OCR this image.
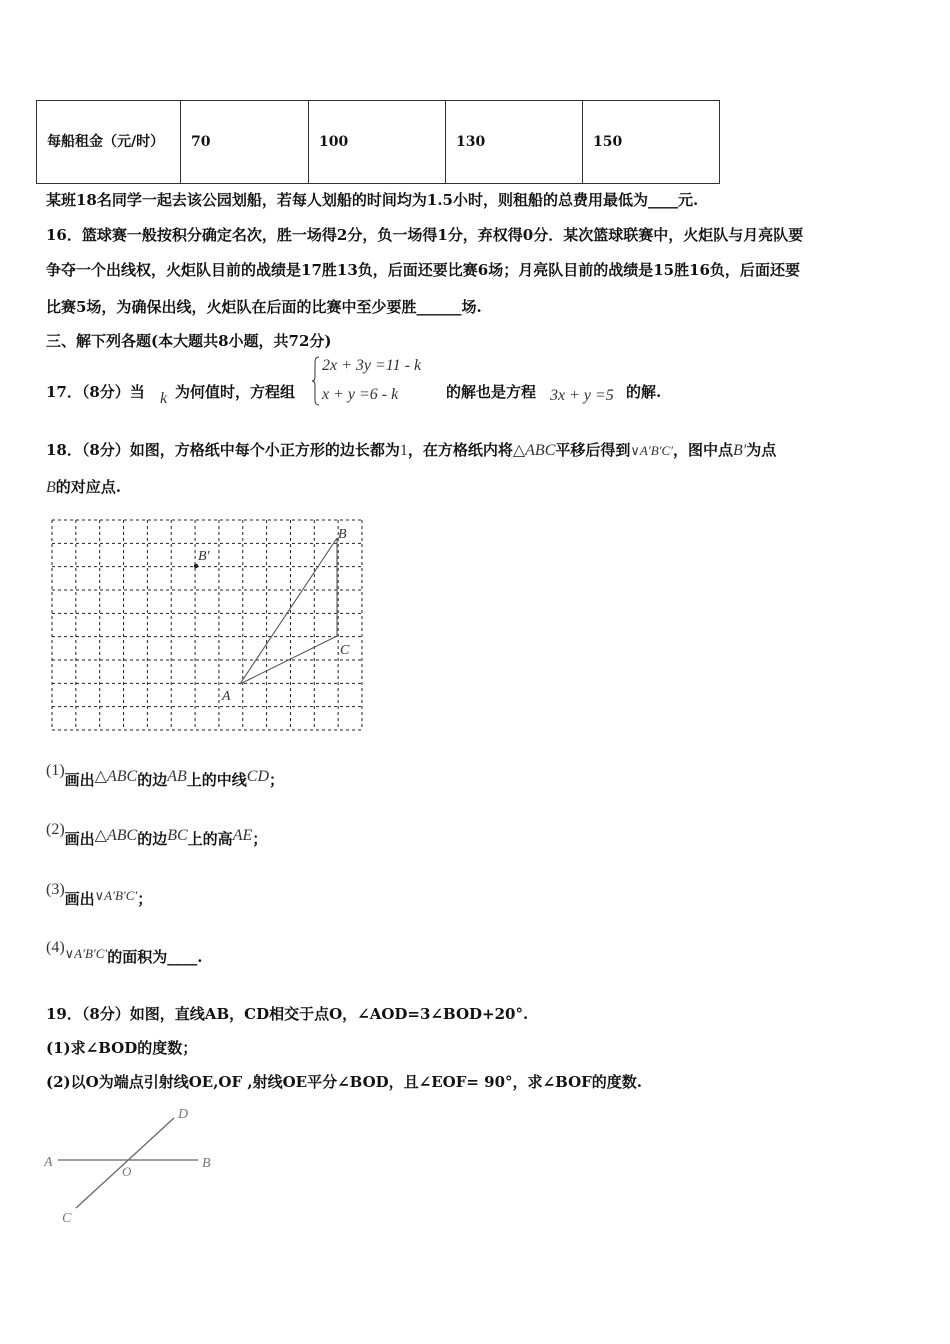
每船租金（元/时）	70	100	130	150
某班18名同学一起去该公园划船，若每人划船的时间均为1.5小时，则租船的总费用最低为____元.
16．篮球赛一般按积分确定名次，胜一场得2分，负一场得1分，弃权得0分．某次篮球联赛中，火炬队与月亮队要
争夺一个出线权，火炬队目前的战绩是17胜13负，后面还要比赛6场；月亮队目前的战绩是15胜16负，后面还要
比赛5场，为确保出线，火炬队在后面的比赛中至少要胜______场.
三、解下列各题(本大题共8小题，共72分)
17．（8分）当 k 为何值时，方程组
2x + 3y =11 - k
x + y =6 - k	的解也是方程 3x + y =5 的解.
18．（8分）如图，方格纸中每个小正方形的边长都为1，在方格纸内将△ABC平移后得到∨A′B′C′，图中点B′为点
B的对应点.
B
B′
C
A
(1)画出△ABC的边AB上的中线CD；
(2)画出△ABC的边BC上的高AE；
(3)画出∨A′B′C′；
(4)∨A′B′C′的面积为____.
19．（8分）如图，直线AB，CD相交于点O，∠AOD=3∠BOD+20°.
(1)求∠BOD的度数；
(2)以O为端点引射线OE,OF ,射线OE平分∠BOD，且∠EOF= 90°，求∠BOF的度数.
A	B
C
D
O
